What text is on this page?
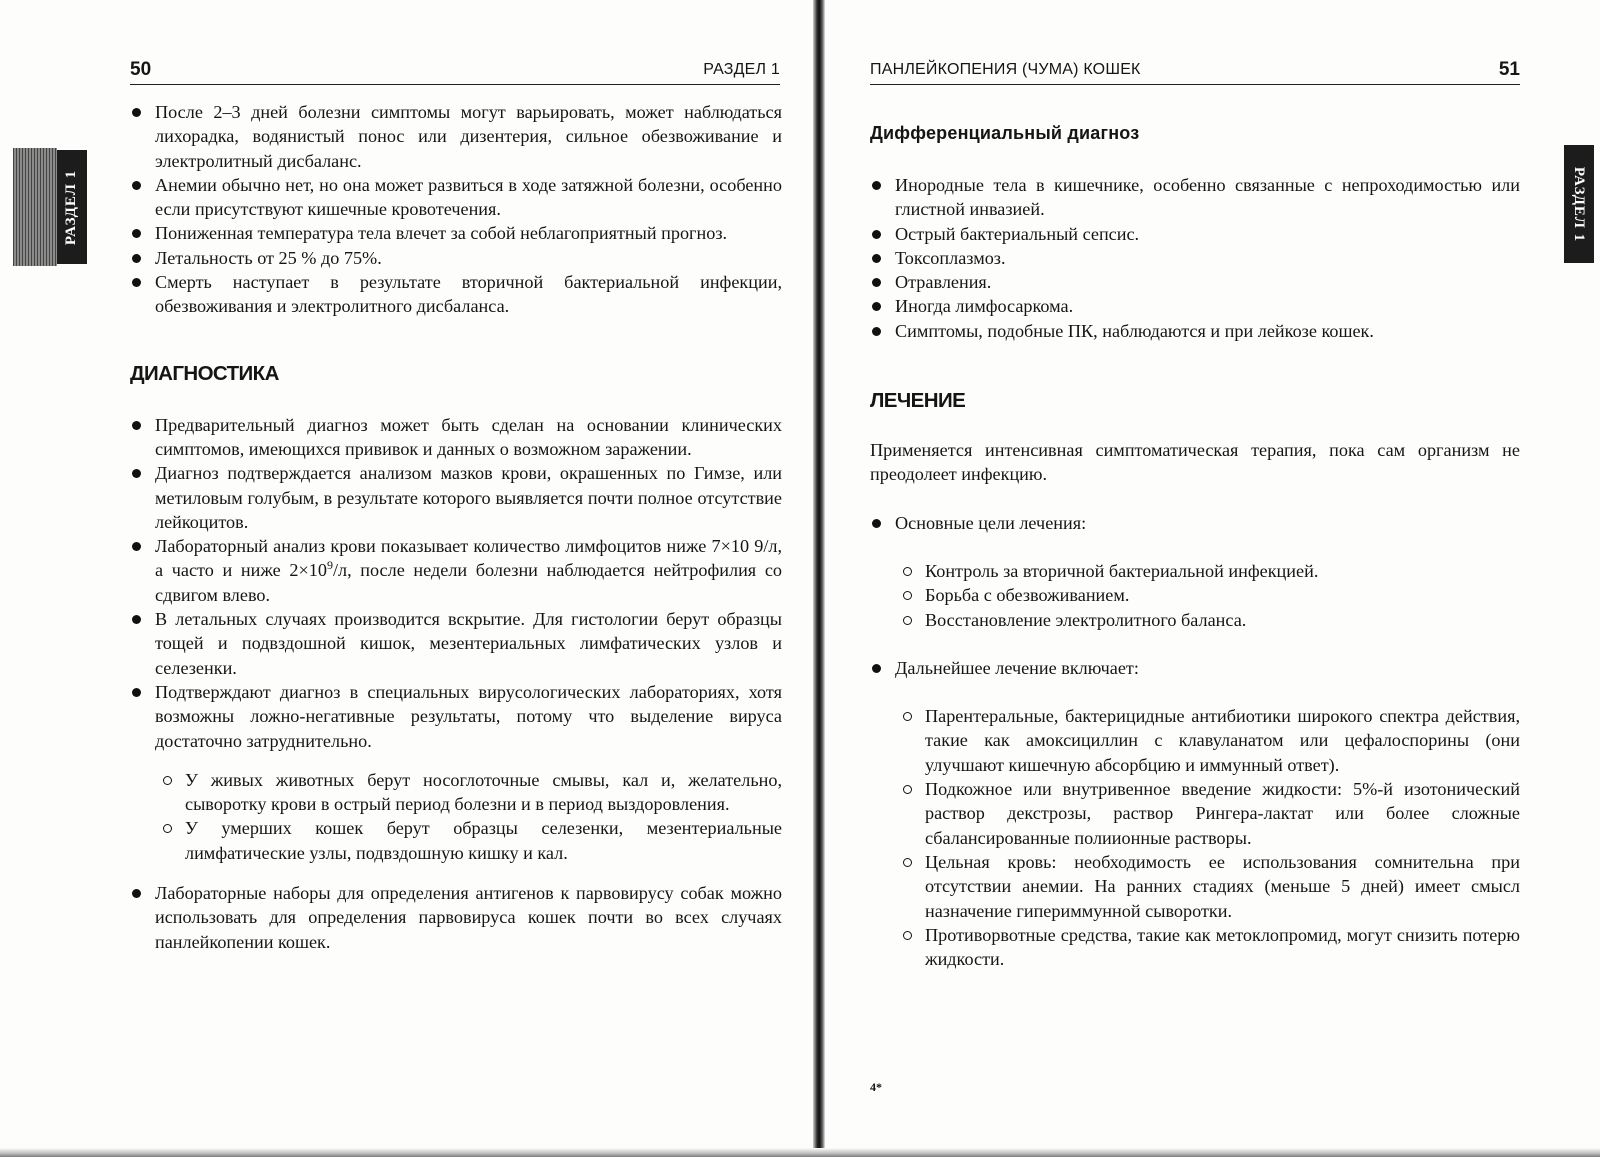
50	РАЗДЕЛ 1
РАЗДЕЛ 1
После 2–3 дней болезни симптомы могут варьировать, может наблюдаться лихорадка, водянистый понос или дизентерия, сильное обезвоживание и электролитный дисбаланс.
Анемии обычно нет, но она может развиться в ходе затяжной болезни, особенно если присутствуют кишечные кровотечения.
Пониженная температура тела влечет за собой неблагоприятный прогноз.
Летальность от 25 % до 75%.
Смерть наступает в результате вторичной бактериальной инфекции, обезвоживания и электролитного дисбаланса.
ДИАГНОСТИКА
Предварительный диагноз может быть сделан на основании клинических симптомов, имеющихся прививок и данных о возможном заражении.
Диагноз подтверждается анализом мазков крови, окрашенных по Гимзе, или метиловым голубым, в результате которого выявляется почти полное отсутствие лейкоцитов.
Лабораторный анализ крови показывает количество лимфоцитов ниже 7×10 9/л, а часто и ниже $2\times 10^9/л$, после недели болезни наблюдается нейтрофилия со сдвигом влево.
В летальных случаях производится вскрытие. Для гистологии берут образцы тощей и подвздошной кишок, мезентериальных лимфатических узлов и селезенки.
Подтверждают диагноз в специальных вирусологических лабораториях, хотя возможны ложно-негативные результаты, потому что выделение вируса достаточно затруднительно.
У живых животных берут носоглоточные смывы, кал и, желательно, сыворотку крови в острый период болезни и в период выздоровления.
У умерших кошек берут образцы селезенки, мезентериальные лимфатические узлы, подвздошную кишку и кал.
Лабораторные наборы для определения антигенов к парвовирусу собак можно использовать для определения парвовируса кошек почти во всех случаях панлейкопении кошек.
ПАНЛЕЙКОПЕНИЯ (ЧУМА) КОШЕК	51
РАЗДЕЛ 1
Дифференциальный диагноз
Инородные тела в кишечнике, особенно связанные с непроходимостью или глистной инвазией.
Острый бактериальный сепсис.
Токсоплазмоз.
Отравления.
Иногда лимфосаркома.
Симптомы, подобные ПК, наблюдаются и при лейкозе кошек.
ЛЕЧЕНИЕ

Применяется интенсивная симптоматическая терапия, пока сам организм не преодолеет инфекцию.

Основные цели лечения:
Контроль за вторичной бактериальной инфекцией.
Борьба с обезвоживанием.
Восстановление электролитного баланса.
Дальнейшее лечение включает:
Парентеральные, бактерицидные антибиотики широкого спектра действия, такие как амоксициллин с клавуланатом или цефалоспорины (они улучшают кишечную абсорбцию и иммунный ответ).
Подкожное или внутривенное введение жидкости: 5%-й изотонический раствор декстрозы, раствор Рингера-лактат или более сложные сбалансированные полиионные растворы.
Цельная кровь: необходимость ее использования сомнительна при отсутствии анемии. На ранних стадиях (меньше 5 дней) имеет смысл назначение гипериммунной сыворотки.
Противорвотные средства, такие как метоклопромид, могут снизить потерю жидкости.
4*
